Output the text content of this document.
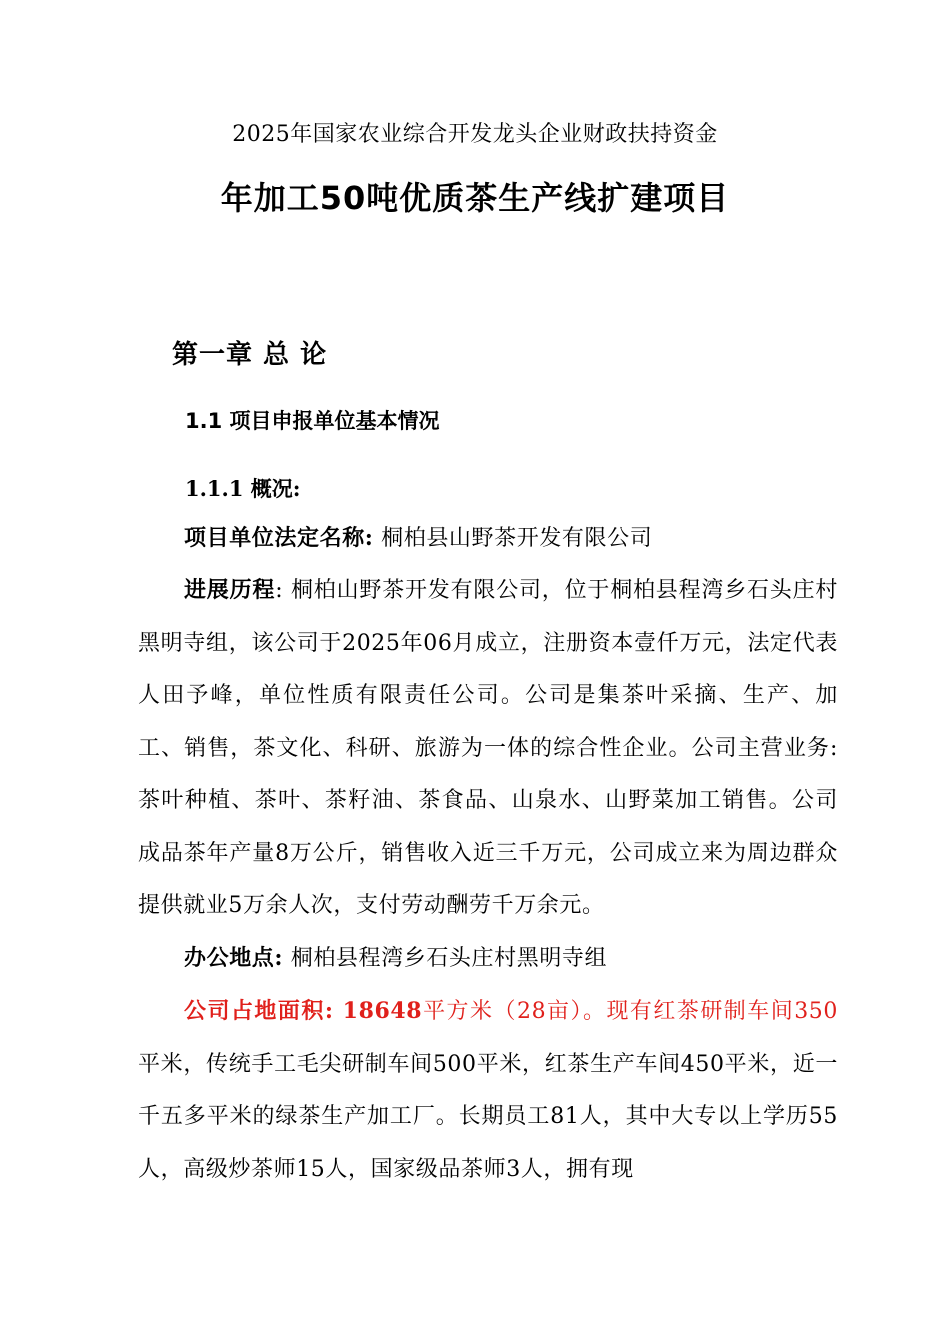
2025年国家农业综合开发龙头企业财政扶持资金
年加工50吨优质茶生产线扩建项目
第一章 总 论
1.1 项目申报单位基本情况
1.1.1 概况:
项目单位法定名称: 桐柏县山野茶开发有限公司
进展历程: 桐柏山野茶开发有限公司，位于桐柏县程湾乡石头庄村黑明寺组，该公司于2025年06月成立，注册资本壹仟万元，法定代表人田予峰，单位性质有限责任公司。公司是集茶叶采摘、生产、加工、销售，茶文化、科研、旅游为一体的综合性企业。公司主营业务: 茶叶种植、茶叶、茶籽油、茶食品、山泉水、山野菜加工销售。公司成品茶年产量8万公斤，销售收入近三千万元，公司成立来为周边群众提供就业5万余人次，支付劳动酬劳千万余元。
办公地点: 桐柏县程湾乡石头庄村黑明寺组
公司占地面积: 18648平方米（28亩）。现有红茶研制车间350平米，传统手工毛尖研制车间500平米，红茶生产车间450平米，近一千五多平米的绿茶生产加工厂。长期员工81人，其中大专以上学历55人，高级炒茶师15人，国家级品茶师3人，拥有现
